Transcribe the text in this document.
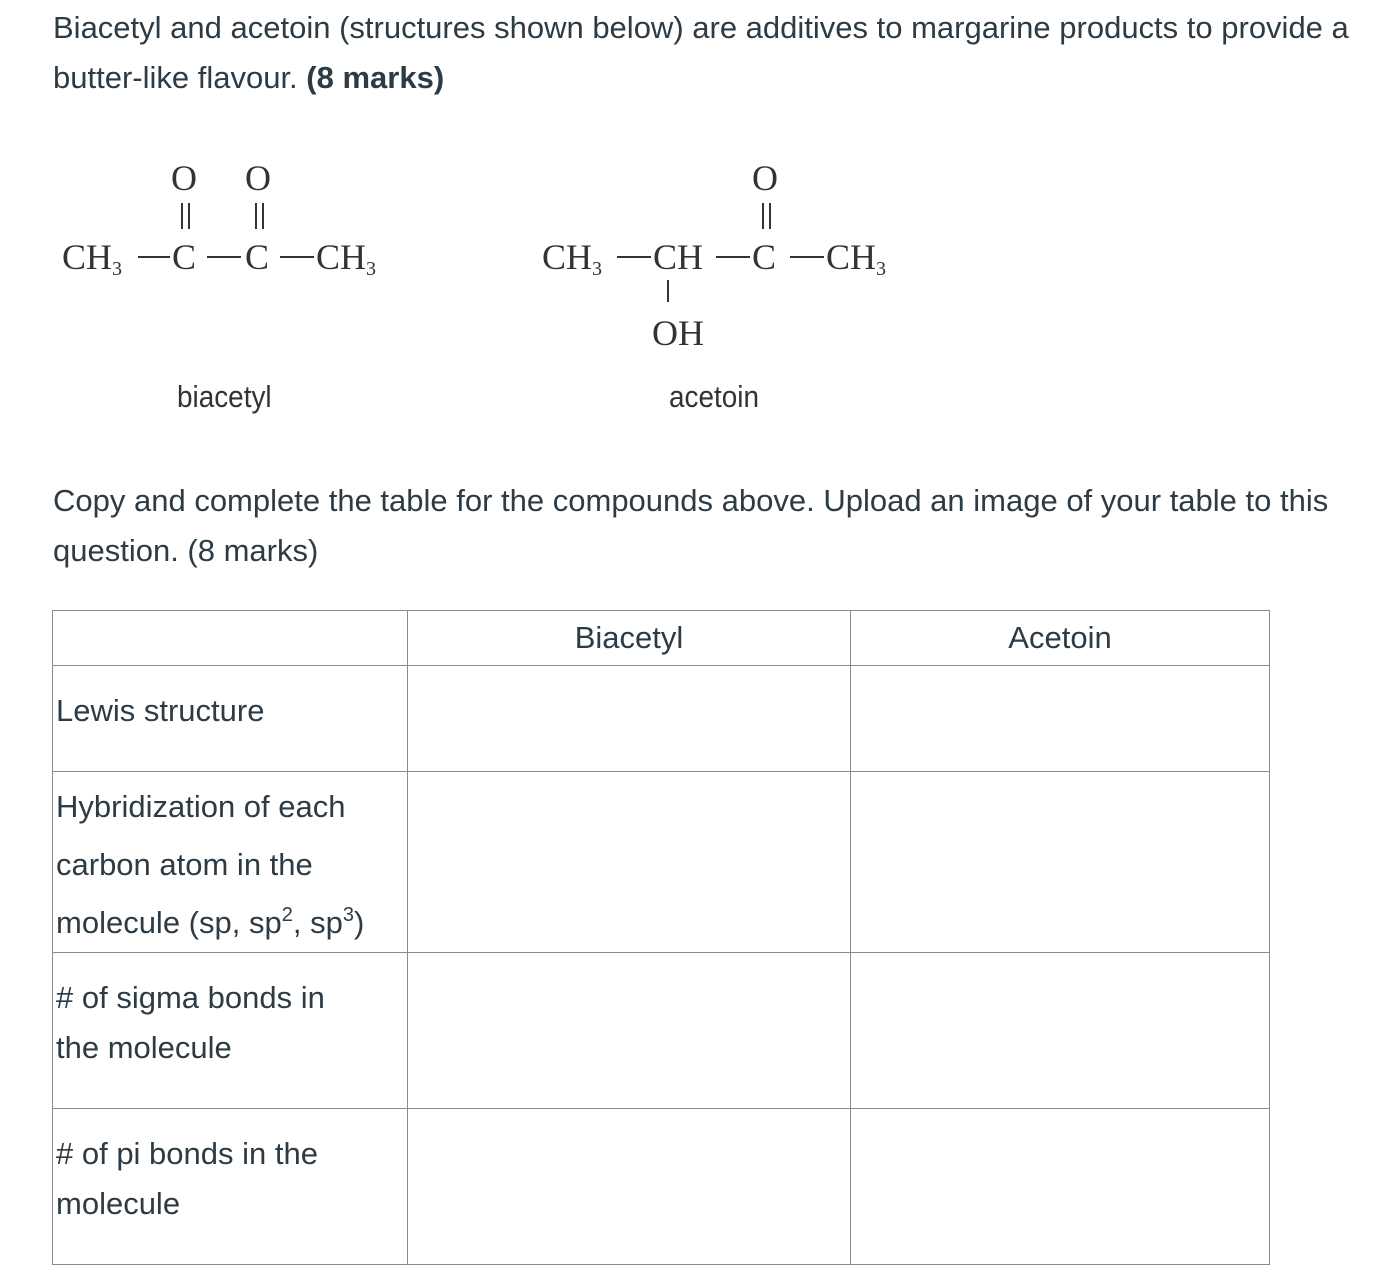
Biacetyl and acetoin (structures shown below) are additives to margarine products to provide a butter-like flavour. (8 marks)

O O
$CH_3$ C C $CH_3$
biacetyl
O
$CH_3$ CH C $CH_3$
OH
acetoin

Copy and complete the table for the compounds above. Upload an image of your table to this question. (8 marks)

	Biacetyl	Acetoin
Lewis structure		
Hybridization of each carbon atom in the molecule (sp, $sp^2$, $sp^3$)		
# of sigma bonds in the molecule		
# of pi bonds in the molecule		
